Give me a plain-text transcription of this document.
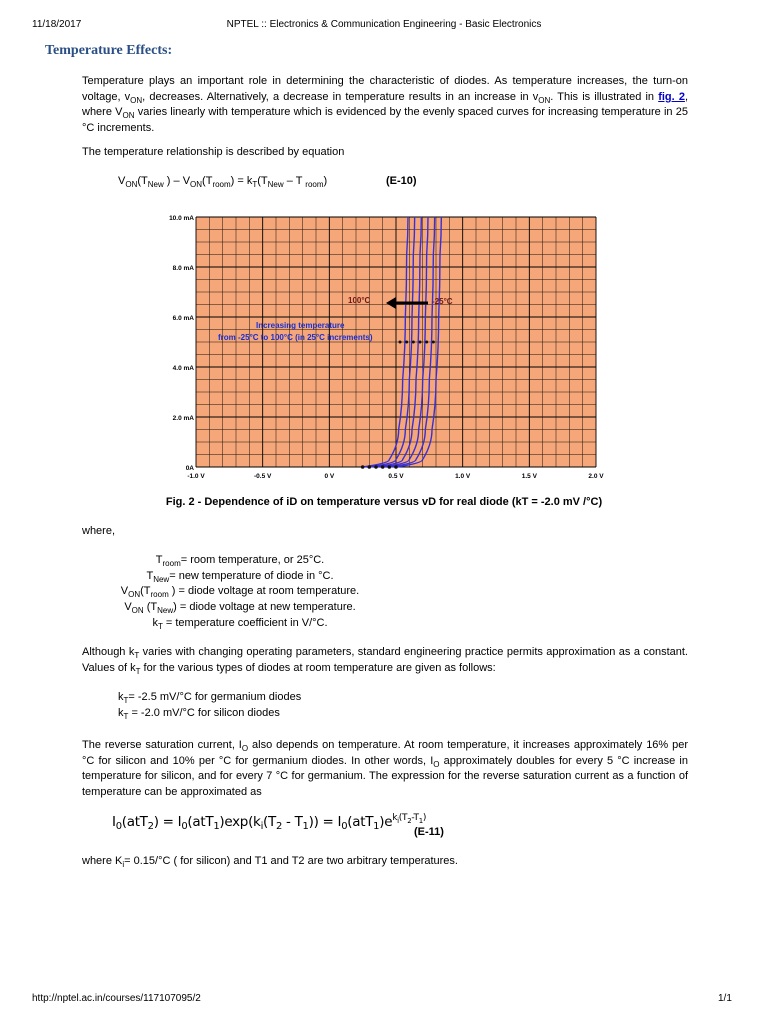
11/18/2017	NPTEL :: Electronics & Communication Engineering - Basic Electronics
Temperature Effects:
Temperature plays an important role in determining the characteristic of diodes. As temperature increases, the turn-on voltage, $v_{ON}$, decreases. Alternatively, a decrease in temperature results in an increase in $v_{ON}$. This is illustrated in fig. 2, where $V_{ON}$ varies linearly with temperature which is evidenced by the evenly spaced curves for increasing temperature in 25 °C increments.
The temperature relationship is described by equation
$V_{ON}(T_{New}$ ) – $V_{ON}(T_{room}) = k_T(T_{New} - T$ $_{room}$)	(E-10)
0A
2.0 mA
4.0 mA
6.0 mA
8.0 mA
10.0 mA
-1.0 V	-0.5 V	0 V	0.5 V	1.0 V	1.5 V	2.0 V
100°C	-25°C
Increasing temperature
from -25°C to 100°C (in 25°C increments)
Fig. 2 - Dependence of iD on temperature versus vD for real diode (kT = -2.0 mV /°C)
where,
$T_{room}=$ room temperature, or 25°C.
$T_{New}=$ new temperature of diode in °C.
$V_{ON}(T_{room}$ ) = diode voltage at room temperature.
$V_{ON}$ $(T_{New})$ = diode voltage at new temperature.
$k_T$ = temperature coefficient in V/°C.
Although $k_T$ varies with changing operating parameters, standard engineering practice permits approximation as a constant. Values of $k_T$ for the various types of diodes at room temperature are given as follows:
$k_T= -2.5$ mV/°C for germanium diodes
$k_T = -2.0$ mV/°C for silicon diodes
The reverse saturation current, $I_O$ also depends on temperature. At room temperature, it increases approximately 16% per °C for silicon and 10% per °C for germanium diodes. In other words, $I_O$ approximately doubles for every 5 °C increase in temperature for silicon, and for every 7 °C for germanium. The expression for the reverse saturation current as a function of temperature can be approximated as
$I_0(atT_2) = I_0(atT_1)\exp(k_i(T_2 - T_1)) = I_0(atT_1)e^{k_i(T_2-T_1)}$
(E-11)
where $K_i= 0.15/^\circ C$ ( for silicon) and T1 and T2 are two arbitrary temperatures.
http://nptel.ac.in/courses/117107095/2	1/1
